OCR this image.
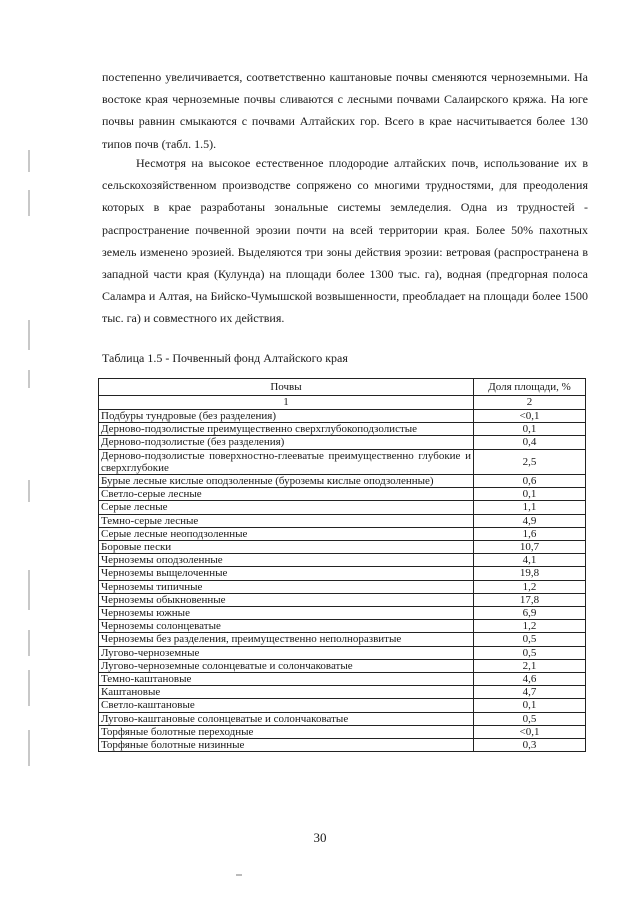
постепенно увеличивается, соответственно каштановые почвы сменяются черноземными. На востоке края черноземные почвы сливаются с лесными почвами Салаирского кряжа. На юге почвы равнин смыкаются с почвами Алтайских гор. Всего в крае насчитывается более 130 типов почв (табл. 1.5).

Несмотря на высокое естественное плодородие алтайских почв, использование их в сельскохозяйственном производстве сопряжено со многими трудностями, для преодоления которых в крае разработаны зональные системы земледелия. Одна из трудностей - распространение почвенной эрозии почти на всей территории края. Более 50% пахотных земель изменено эрозией. Выделяются три зоны действия эрозии: ветровая (распространена в западной части края (Кулунда) на площади более 1300 тыс. га), водная (предгорная полоса Саламра и Алтая, на Бийско-Чумышской возвышенности, преобладает на площади более 1500 тыс. га) и совместного их действия.

Таблица 1.5 - Почвенный фонд Алтайского края
Почвы	Доля площади, %
1	2
Подбуры тундровые (без разделения)	<0,1
Дерново-подзолистые преимущественно сверхглубокоподзолистые	0,1
Дерново-подзолистые (без разделения)	0,4
Дерново-подзолистые поверхностно-глееватые преимущественно глубокие и сверхглубокие	2,5
Бурые лесные кислые оподзоленные (буроземы кислые оподзоленные)	0,6
Светло-серые лесные	0,1
Серые лесные	1,1
Темно-серые лесные	4,9
Серые лесные неоподзоленные	1,6
Боровые пески	10,7
Черноземы оподзоленные	4,1
Черноземы выщелоченные	19,8
Черноземы типичные	1,2
Черноземы обыкновенные	17,8
Черноземы южные	6,9
Черноземы солонцеватые	1,2
Черноземы без разделения, преимущественно неполноразвитые	0,5
Лугово-черноземные	0,5
Лугово-черноземные солонцеватые и солончаковатые	2,1
Темно-каштановые	4,6
Каштановые	4,7
Светло-каштановые	0,1
Лугово-каштановые солонцеватые и солончаковатые	0,5
Торфяные болотные переходные	<0,1
Торфяные болотные низинные	0,3
30
